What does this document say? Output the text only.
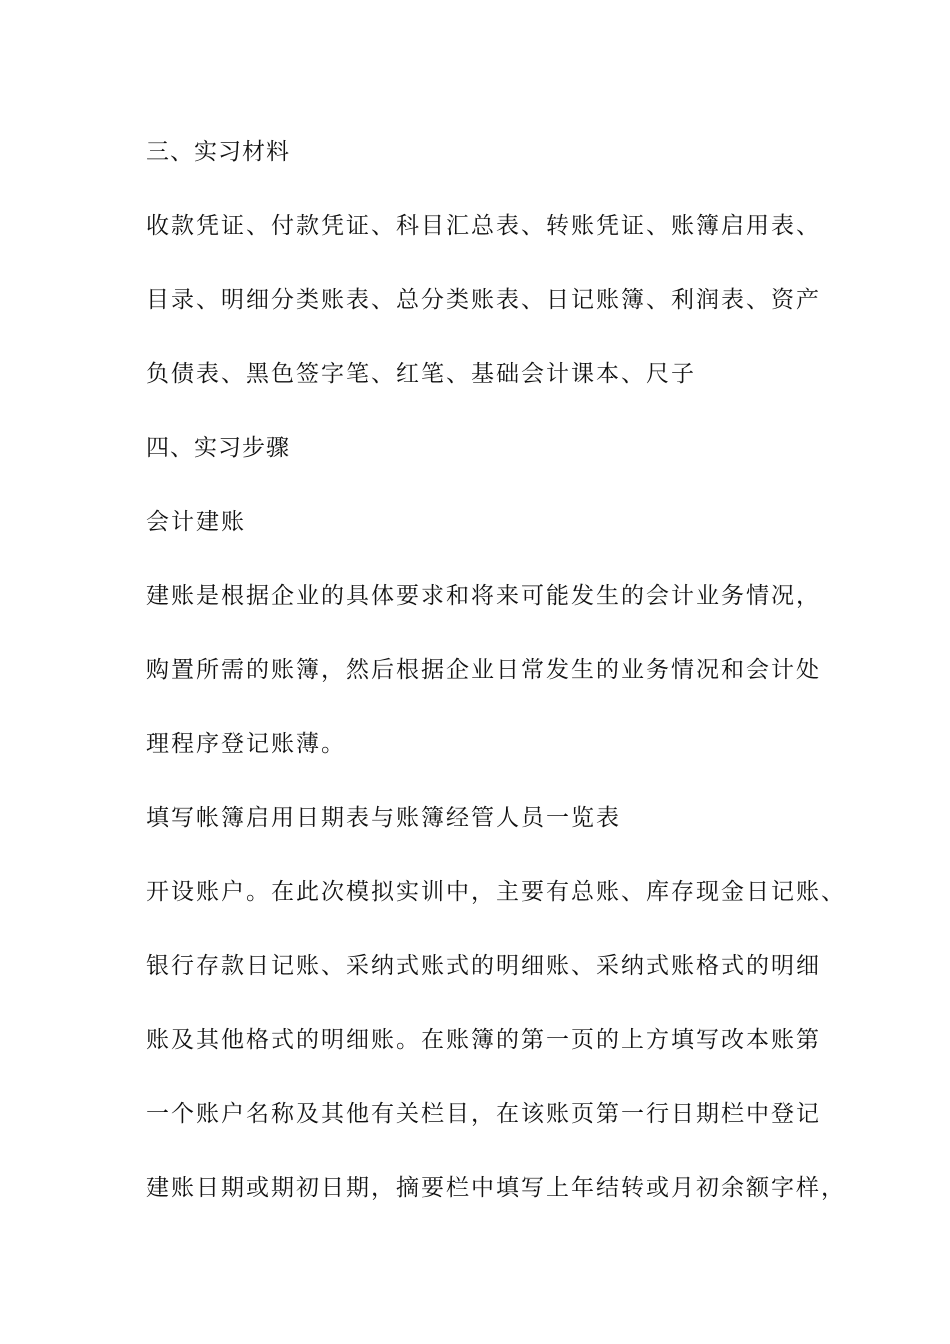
三、实习材料
收款凭证、付款凭证、科目汇总表、转账凭证、账簿启用表、
目录、明细分类账表、总分类账表、日记账簿、利润表、资产
负债表、黑色签字笔、红笔、基础会计课本、尺子
四、实习步骤
会计建账
建账是根据企业的具体要求和将来可能发生的会计业务情况，
购置所需的账簿，然后根据企业日常发生的业务情况和会计处
理程序登记账薄。
填写帐簿启用日期表与账簿经管人员一览表
开设账户。在此次模拟实训中，主要有总账、库存现金日记账、
银行存款日记账、采纳式账式的明细账、采纳式账格式的明细
账及其他格式的明细账。在账簿的第一页的上方填写改本账第
一个账户名称及其他有关栏目，在该账页第一行日期栏中登记
建账日期或期初日期，摘要栏中填写上年结转或月初余额字样，
